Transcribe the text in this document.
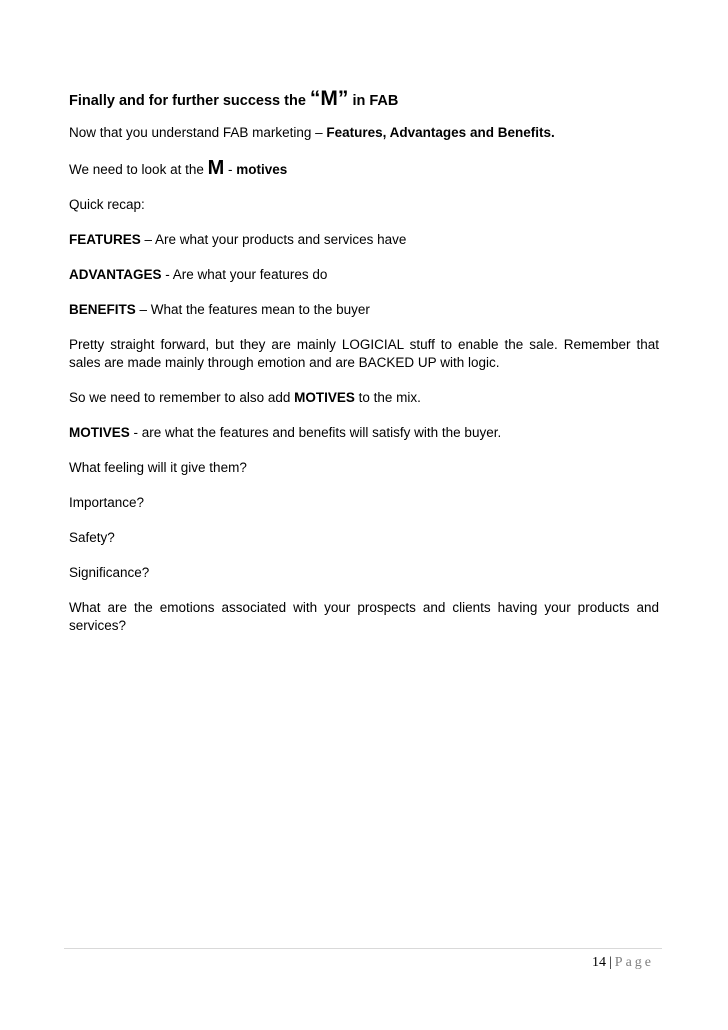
Finally and for further success the “M” in FAB

Now that you understand FAB marketing – Features, Advantages and Benefits.

We need to look at the M - motives

Quick recap:

FEATURES – Are what your products and services have

ADVANTAGES - Are what your features do

BENEFITS – What the features mean to the buyer

Pretty straight forward, but they are mainly LOGICIAL stuff to enable the sale. Remember that sales are made mainly through emotion and are BACKED UP with logic.

So we need to remember to also add MOTIVES to the mix.

MOTIVES - are what the features and benefits will satisfy with the buyer.

What feeling will it give them?

Importance?

Safety?

Significance?

What are the emotions associated with your prospects and clients having your products and services?

14 | Page
